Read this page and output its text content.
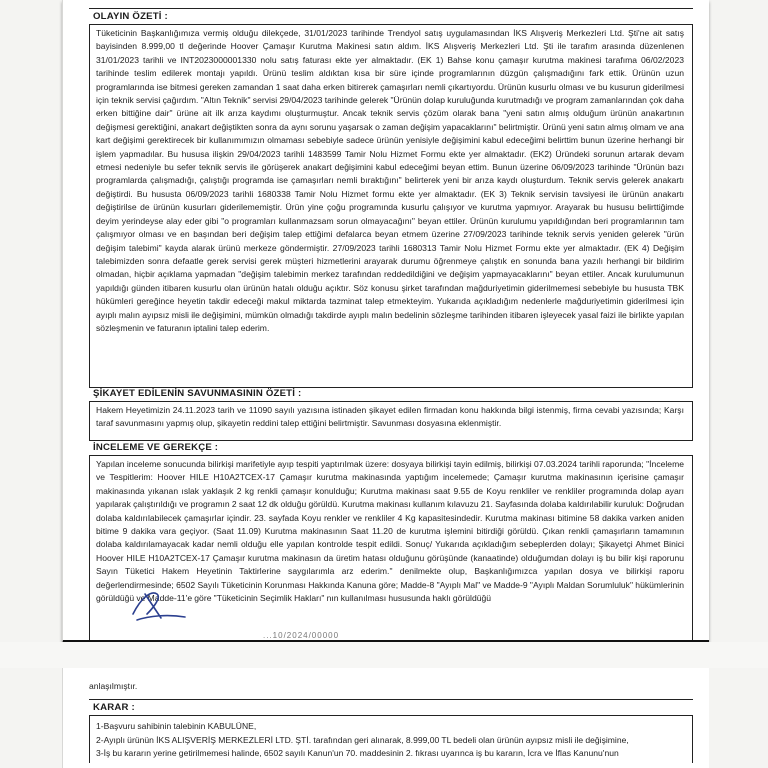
OLAYIN ÖZETİ :
Tüketicinin Başkanlığımıza vermiş olduğu dilekçede, 31/01/2023 tarihinde Trendyol satış uygulamasından İKS Alışveriş Merkezleri Ltd. Şti'ne ait satış bayisinden 8.999,00 tl değerinde Hoover Çamaşır Kurutma Makinesi satın aldım. İKS Alışveriş Merkezleri Ltd. Şti ile tarafım arasında düzenlenen 31/01/2023 tarihli ve INT2023000001330 nolu satış faturası ekte yer almaktadır. (EK 1) Bahse konu çamaşır kurutma makinesi tarafıma 06/02/2023 tarihinde teslim edilerek montajı yapıldı. Ürünü teslim aldıktan kısa bir süre içinde programlarının düzgün çalışmadığını fark ettik. Ürünün uzun programlarında ise bitmesi gereken zamandan 1 saat daha erken bitirerek çamaşırları nemli çıkartıyordu. Ürünün kusurlu olması ve bu kusurun giderilmesi için teknik servisi çağırdım. "Altın Teknik" servisi 29/04/2023 tarihinde gelerek "Ürünün dolap kuruluğunda kurutmadığı ve program zamanlarından çok daha erken bittiğine dair" ürüne ait ilk arıza kaydımı oluşturmuştur. Ancak teknik servis çözüm olarak bana "yeni satın almış olduğum ürünün anakartının değişmesi gerektiğini, anakart değiştikten sonra da aynı sorunu yaşarsak o zaman değişim yapacaklarını" belirtmiştir. Ürünü yeni satın almış olmam ve ana kart değişimi gerektirecek bir kullanımımızın olmaması sebebiyle sadece ürünün yenisiyle değişimini kabul edeceğimi belirttim bunun üzerine herhangi bir işlem yapmadılar. Bu hususa ilişkin 29/04/2023 tarihli 1483599 Tamir Nolu Hizmet Formu ekte yer almaktadır. (EK2) Üründeki sorunun artarak devam etmesi nedeniyle bu sefer teknik servis ile görüşerek anakart değişimini kabul edeceğimi beyan ettim. Bunun üzerine 06/09/2023 tarihinde "Ürünün bazı programlarda çalışmadığı, çalıştığı programda ise çamaşırları nemli bıraktığını" belirterek yeni bir arıza kaydı oluşturdum. Teknik servis gelerek anakartı değiştirdi. Bu hususta 06/09/2023 tarihli 1680338 Tamir Nolu Hizmet formu ekte yer almaktadır. (EK 3) Teknik servisin tavsiyesi ile ürünün anakartı değiştirilse de ürünün kusurları giderilememiştir. Ürün yine çoğu programında kusurlu çalışıyor ve kurutma yapmıyor. Arayarak bu hususu belirttiğimde deyim yerindeyse alay eder gibi "o programları kullanmazsam sorun olmayacağını" beyan ettiler. Ürünün kurulumu yapıldığından beri programlarının tam çalışmıyor olması ve en başından beri değişim talep ettiğimi defalarca beyan etmem üzerine 27/09/2023 tarihinde teknik servis yeniden gelerek "ürün değişim talebimi" kayda alarak ürünü merkeze göndermiştir. 27/09/2023 tarihli 1680313 Tamir Nolu Hizmet Formu ekte yer almaktadır. (EK 4) Değişim talebimizden sonra defaatle gerek servisi gerek müşteri hizmetlerini arayarak durumu öğrenmeye çalıştık en sonunda bana yazılı herhangi bir bildirim olmadan, hiçbir açıklama yapmadan "değişim talebimin merkez tarafından reddedildiğini ve değişim yapmayacaklarını" beyan ettiler. Ancak kurulumunun yapıldığı günden itibaren kusurlu olan ürünün hatalı olduğu açıktır. Söz konusu şirket tarafından mağduriyetimin giderilmemesi sebebiyle bu hususta TBK hükümleri gereğince heyetin takdir edeceği makul miktarda tazminat talep etmekteyim. Yukarıda açıkladığım nedenlerle mağduriyetimin giderilmesi için ayıplı malın ayıpsız misli ile değişimini, mümkün olmadığı takdirde ayıplı malın bedelinin sözleşme tarihinden itibaren işleyecek yasal faizi ile birlikte yapılan sözleşmenin ve faturanın iptalini talep ederim.
ŞİKAYET EDİLENİN SAVUNMASININ ÖZETİ :
Hakem Heyetimizin 24.11.2023 tarih ve 11090 sayılı yazısına istinaden şikayet edilen firmadan konu hakkında bilgi istenmiş, firma cevabi yazısında; Karşı taraf savunmasını yapmış olup, şikayetin reddini talep ettiğini belirtmiştir. Savunması dosyasına eklenmiştir.
İNCELEME VE GEREKÇE :
Yapılan inceleme sonucunda bilirkişi marifetiyle ayıp tespiti yaptırılmak üzere: dosyaya bilirkişi tayin edilmiş, bilirkişi 07.03.2024 tarihli raporunda; "İnceleme ve Tespitlerim: Hoover HILE H10A2TCEX-17 Çamaşır kurutma makinasında yaptığım incelemede; Çamaşır kurutma makinasının içerisine çamaşır makinasında yıkanan ıslak yaklaşık 2 kg renkli çamaşır konulduğu; Kurutma makinası saat 9.55 de Koyu renkliler ve renkliler programında dolap ayarı yapılarak çalıştırıldığı ve programın 2 saat 12 dk olduğu görüldü. Kurutma makinası kullanım kılavuzu 21. Sayfasında dolaba kaldırılabilir kuruluk: Doğrudan dolaba kaldırılabilecek çamaşırlar içindir. 23. sayfada Koyu renkler ve renkliler 4 Kg kapasitesindedir. Kurutma makinası bitimine 58 dakika varken aniden bitime 9 dakika vara geçiyor. (Saat 11.09) Kurutma makinasının Saat 11.20 de kurutma işlemini bitirdiği görüldü. Çıkan renkli çamaşırların tamamının dolaba kaldırılamayacak kadar nemli olduğu elle yapılan kontrolde tespit edildi. Sonuç/ Yukarıda açıkladığım sebeplerden dolayı; Şikayetçi Ahmet Binici Hoover HILE H10A2TCEX-17 Çamaşır kurutma makinasın da üretim hatası olduğunu görüşünde (kanaatinde) olduğumdan dolayı iş bu bilir kişi raporunu Sayın Tüketici Hakem Heyetinin Taktirlerine saygılarımla arz ederim." denilmekte olup, Başkanlığımızca yapılan dosya ve bilirkişi raporu değerlendirmesinde; 6502 Sayılı Tüketicinin Korunması Hakkında Kanuna göre; Madde-8 "Ayıplı Mal" ve Madde-9 "Ayıplı Maldan Sorumluluk" hükümlerinin görüldüğü ve Madde-11'e göre "Tüketicinin Seçimlik Hakları" nın kullanılması hususunda haklı görüldüğü
...10/2024/00000
anlaşılmıştır.
KARAR :
1-Başvuru sahibinin talebinin KABULÜNE,
2-Ayıplı ürünün İKS ALIŞVERİŞ MERKEZLERİ LTD. ŞTİ. tarafından geri alınarak, 8.999,00 TL bedeli olan ürünün ayıpsız misli ile değişimine,
3-İş bu kararın yerine getirilmemesi halinde, 6502 sayılı Kanun'un 70. maddesinin 2. fıkrası uyarınca iş bu kararın, İcra ve İflas Kanunu'nun
